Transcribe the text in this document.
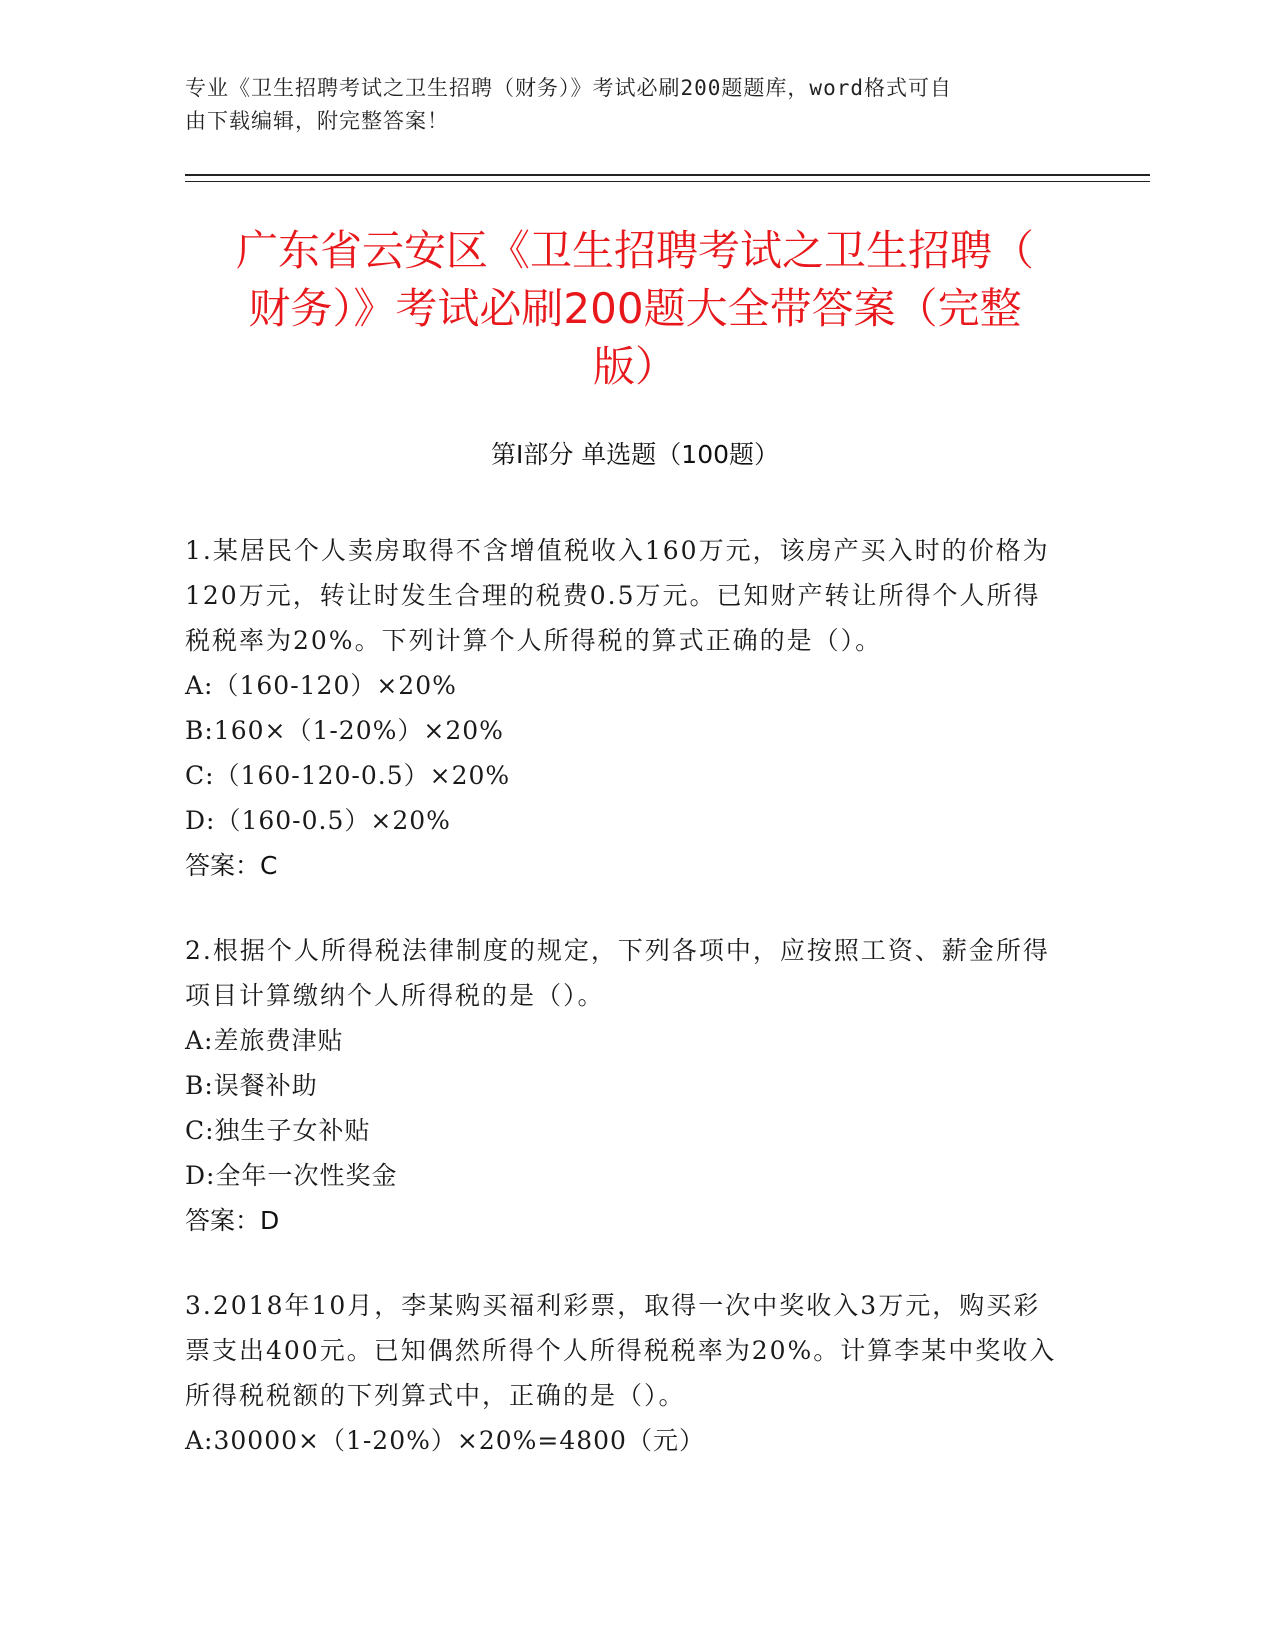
专业《卫生招聘考试之卫生招聘（财务）》考试必刷200题题库，word格式可自
由下载编辑，附完整答案！
广东省云安区《卫生招聘考试之卫生招聘（
财务）》考试必刷200题大全带答案（完整
版）
第I部分 单选题（100题）

1.某居民个人卖房取得不含增值税收入160万元，该房产买入时的价格为120万元，转让时发生合理的税费0.5万元。已知财产转让所得个人所得税税率为20%。下列计算个人所得税的算式正确的是（）。

A:（160-120）×20%

B:160×（1-20%）×20%

C:（160-120-0.5）×20%

D:（160-0.5）×20%

答案：C

2.根据个人所得税法律制度的规定，下列各项中，应按照工资、薪金所得项目计算缴纳个人所得税的是（）。

A:差旅费津贴

B:误餐补助

C:独生子女补贴

D:全年一次性奖金

答案：D

3.2018年10月，李某购买福利彩票，取得一次中奖收入3万元，购买彩票支出400元。已知偶然所得个人所得税税率为20%。计算李某中奖收入所得税税额的下列算式中，正确的是（）。

A:30000×（1-20%）×20%=4800（元）
